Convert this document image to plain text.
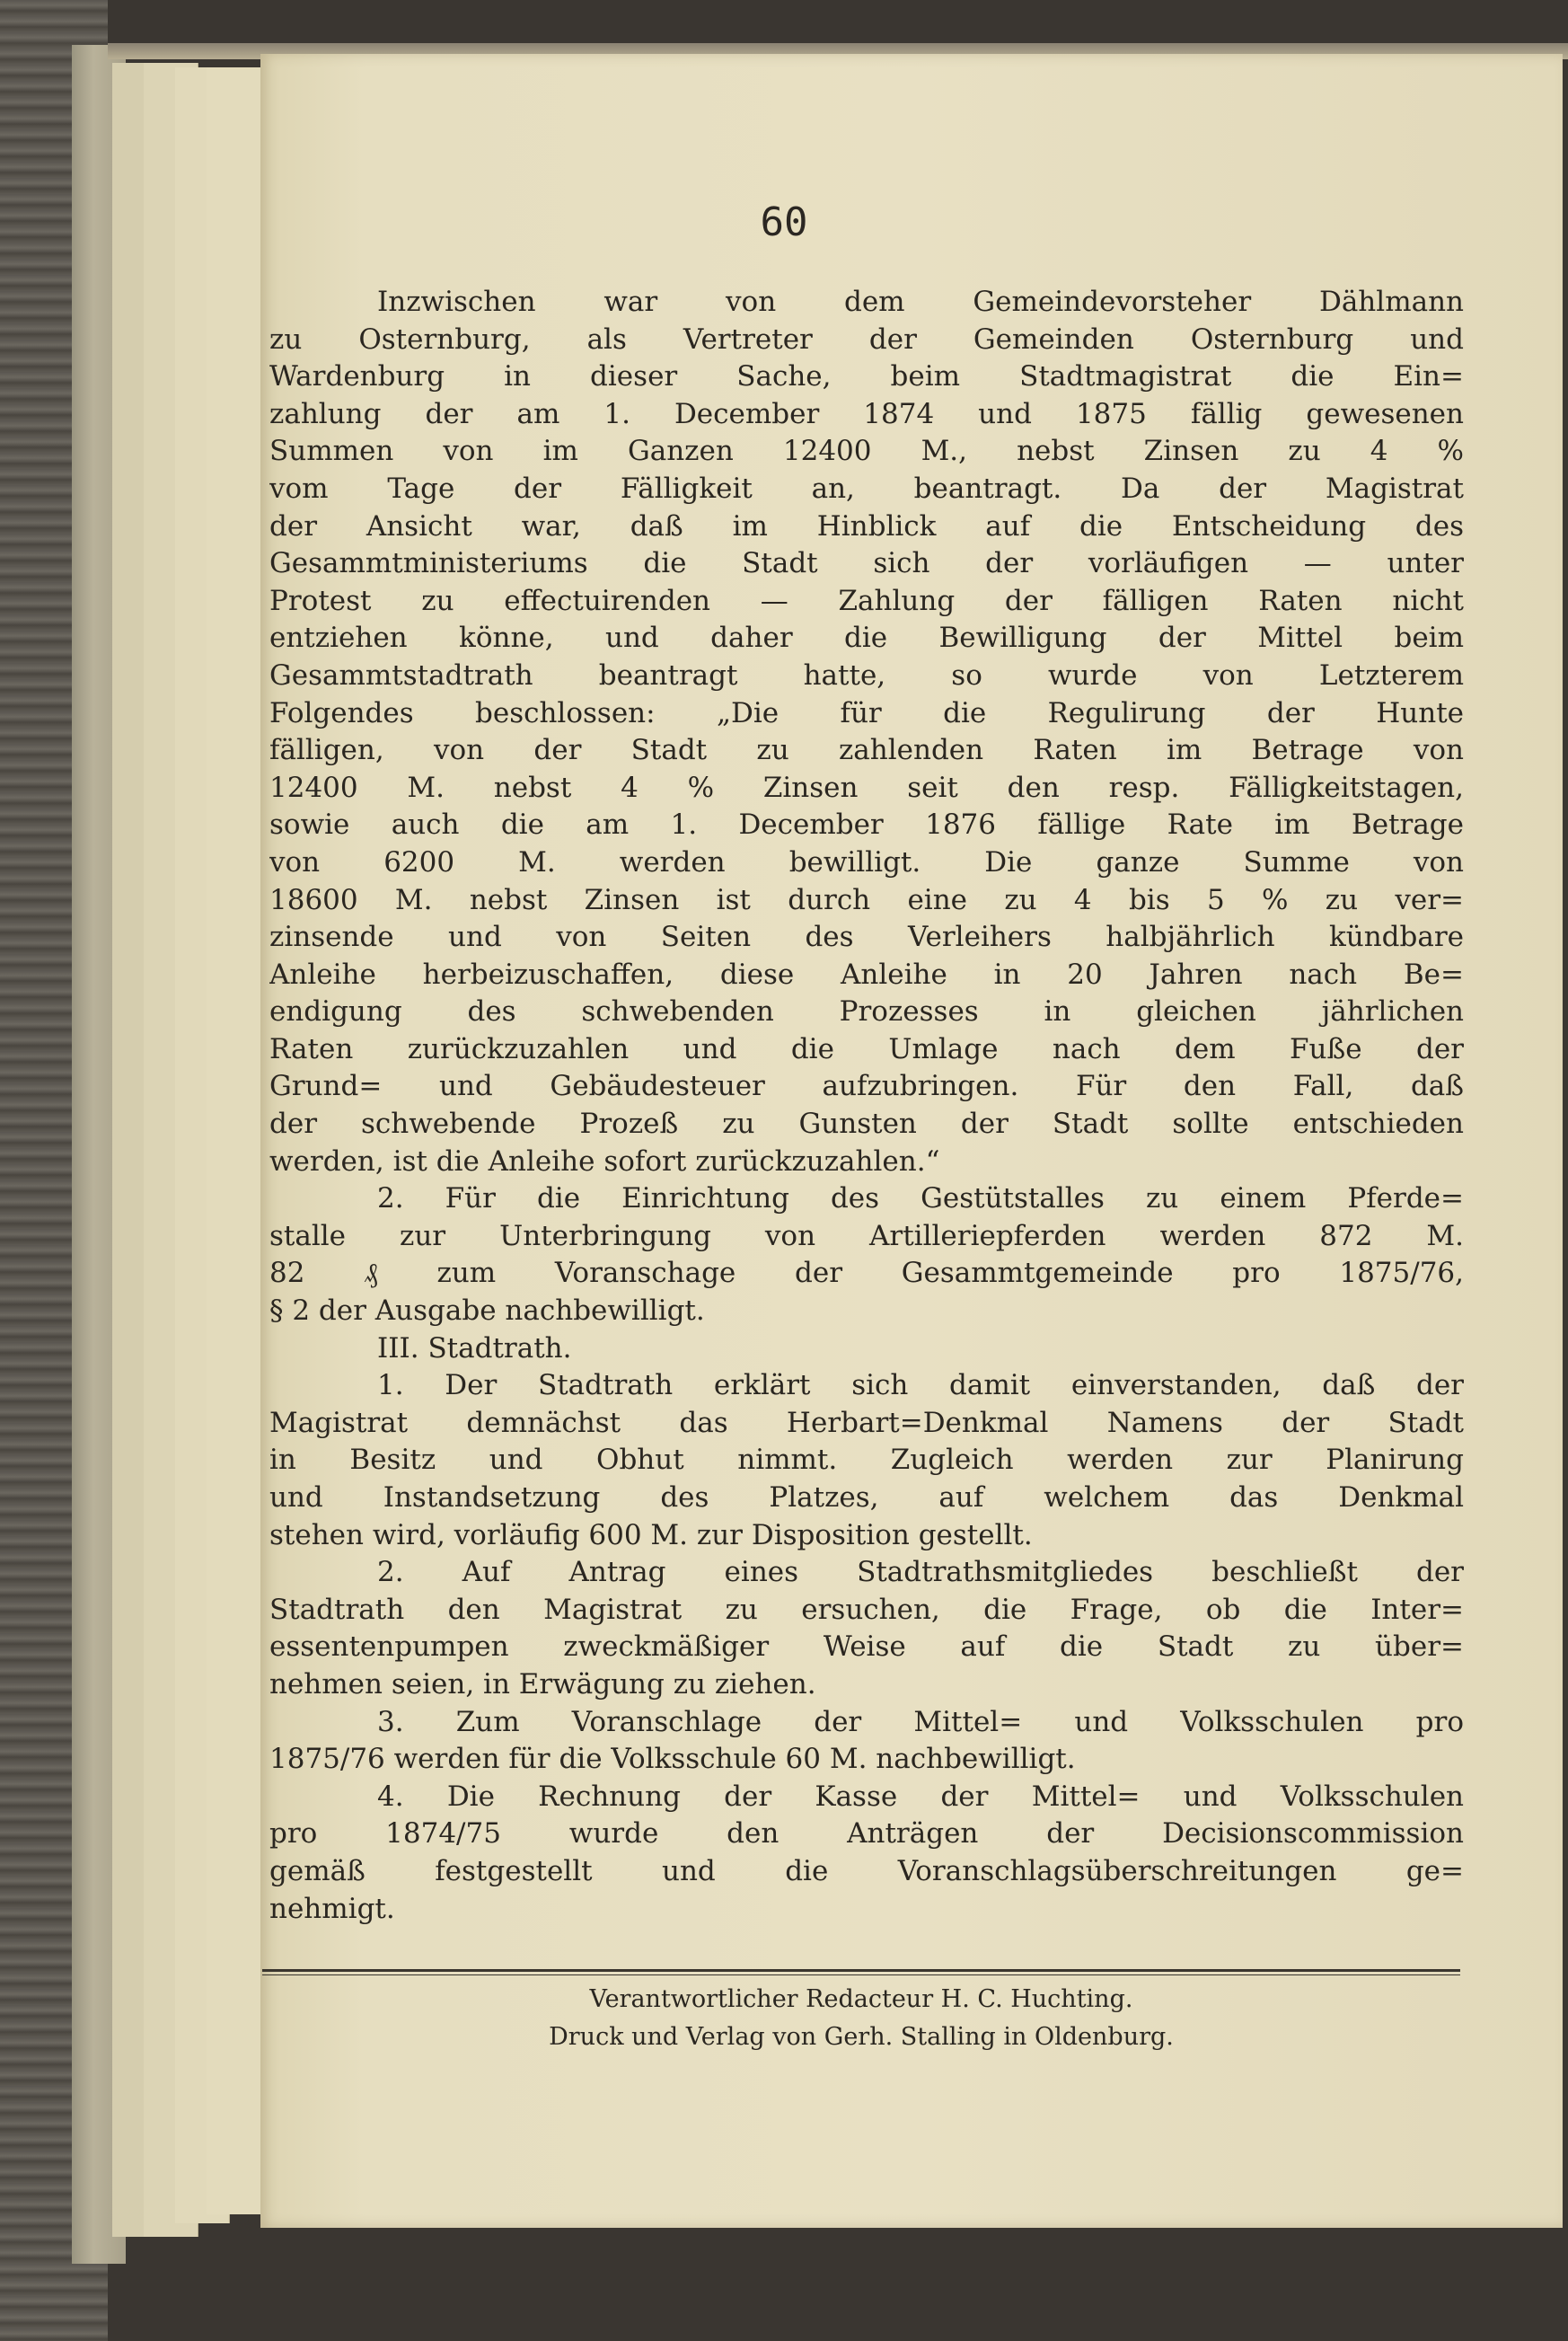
60
Inzwischen war von dem Gemeindevorsteher Dählmann
zu Osternburg, als Vertreter der Gemeinden Osternburg und
Wardenburg in dieser Sache, beim Stadtmagistrat die Ein=
zahlung der am 1. December 1874 und 1875 fällig gewesenen
Summen von im Ganzen 12400 M., nebst Zinsen zu 4 %
vom Tage der Fälligkeit an, beantragt. Da der Magistrat
der Ansicht war, daß im Hinblick auf die Entscheidung des
Gesammtministeriums die Stadt sich der vorläufigen — unter
Protest zu effectuirenden — Zahlung der fälligen Raten nicht
entziehen könne, und daher die Bewilligung der Mittel beim
Gesammtstadtrath beantragt hatte, so wurde von Letzterem
Folgendes beschlossen: „Die für die Regulirung der Hunte
fälligen, von der Stadt zu zahlenden Raten im Betrage von
12400 M. nebst 4 % Zinsen seit den resp. Fälligkeitstagen,
sowie auch die am 1. December 1876 fällige Rate im Betrage
von 6200 M. werden bewilligt. Die ganze Summe von
18600 M. nebst Zinsen ist durch eine zu 4 bis 5 % zu ver=
zinsende und von Seiten des Verleihers halbjährlich kündbare
Anleihe herbeizuschaffen, diese Anleihe in 20 Jahren nach Be=
endigung des schwebenden Prozesses in gleichen jährlichen
Raten zurückzuzahlen und die Umlage nach dem Fuße der
Grund= und Gebäudesteuer aufzubringen. Für den Fall, daß
der schwebende Prozeß zu Gunsten der Stadt sollte entschieden
werden, ist die Anleihe sofort zurückzuzahlen.“
2. Für die Einrichtung des Gestütstalles zu einem Pferde=
stalle zur Unterbringung von Artilleriepferden werden 872 M.
82 ₰ zum Voranschage der Gesammtgemeinde pro 1875/76,
§ 2 der Ausgabe nachbewilligt.
III. Stadtrath.
1. Der Stadtrath erklärt sich damit einverstanden, daß der
Magistrat demnächst das Herbart=Denkmal Namens der Stadt
in Besitz und Obhut nimmt. Zugleich werden zur Planirung
und Instandsetzung des Platzes, auf welchem das Denkmal
stehen wird, vorläufig 600 M. zur Disposition gestellt.
2. Auf Antrag eines Stadtrathsmitgliedes beschließt der
Stadtrath den Magistrat zu ersuchen, die Frage, ob die Inter=
essentenpumpen zweckmäßiger Weise auf die Stadt zu über=
nehmen seien, in Erwägung zu ziehen.
3. Zum Voranschlage der Mittel= und Volksschulen pro
1875/76 werden für die Volksschule 60 M. nachbewilligt.
4. Die Rechnung der Kasse der Mittel= und Volksschulen
pro 1874/75 wurde den Anträgen der Decisionscommission
gemäß festgestellt und die Voranschlagsüberschreitungen ge=
nehmigt.
Verantwortlicher Redacteur H. C. Huchting.
Druck und Verlag von Gerh. Stalling in Oldenburg.
